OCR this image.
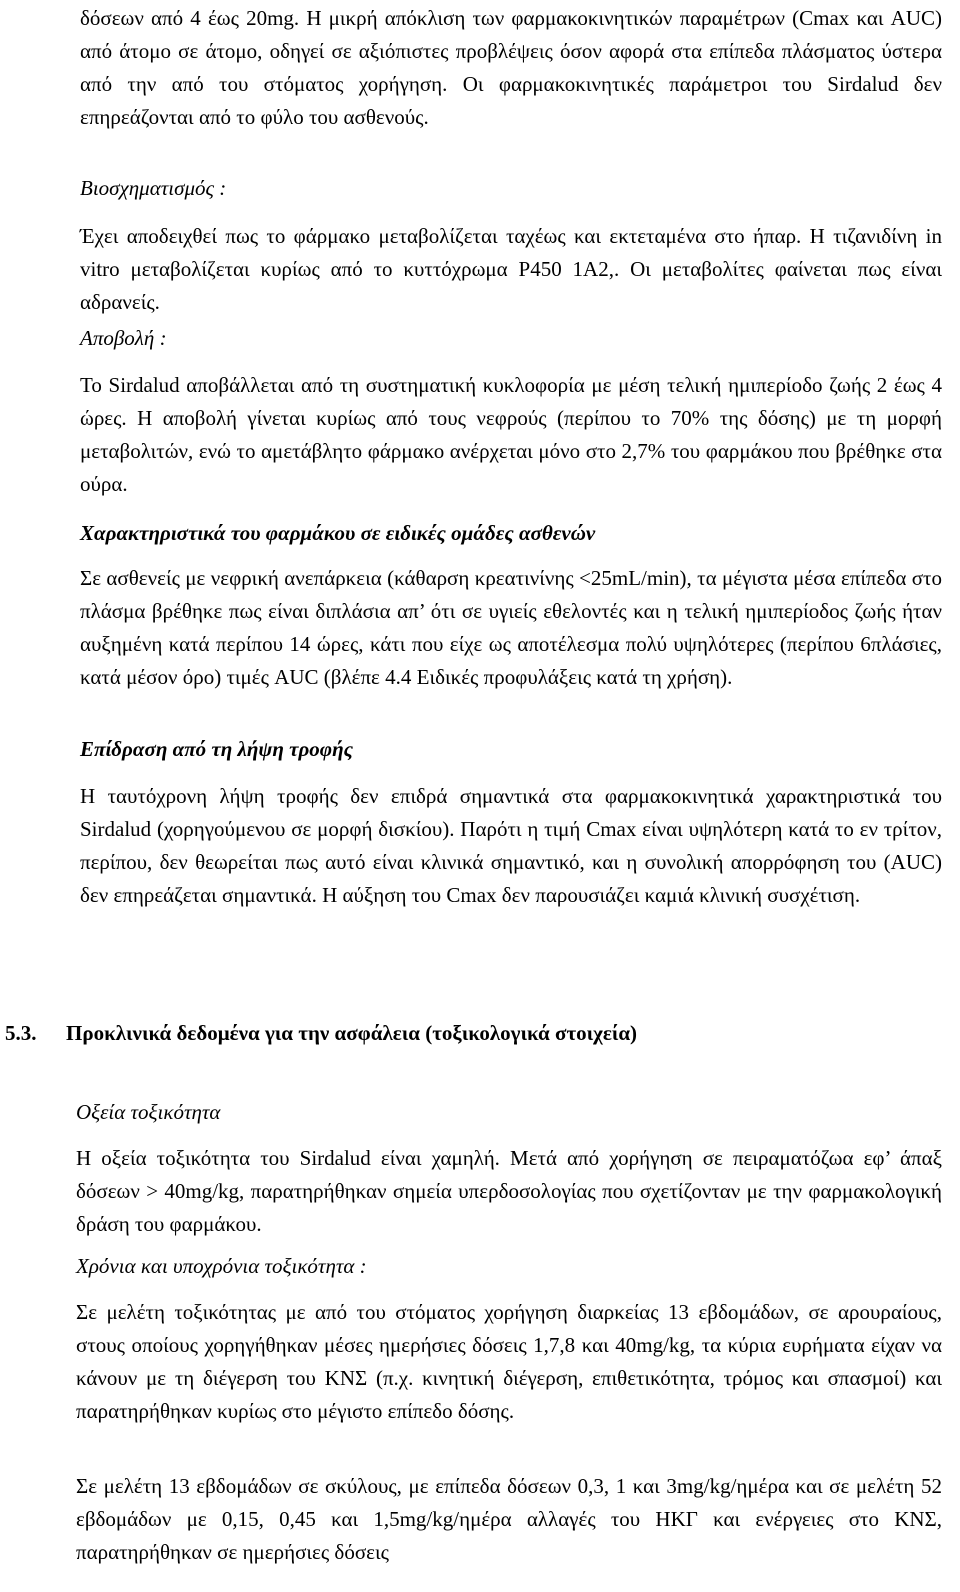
δόσεων από 4 έως 20mg. Η μικρή απόκλιση των φαρμακοκινητικών παραμέτρων (Cmax και AUC) από άτομο σε άτομο, οδηγεί σε αξιόπιστες προβλέψεις όσον αφορά στα επίπεδα πλάσματος ύστερα από την από του στόματος χορήγηση. Οι φαρμακοκινητικές παράμετροι του Sirdalud δεν επηρεάζονται από το φύλο του ασθενούς.

Βιοσχηματισμός :

Έχει αποδειχθεί πως το φάρμακο μεταβολίζεται ταχέως και εκτεταμένα στο ήπαρ. Η τιζανιδίνη in vitro μεταβολίζεται κυρίως από το κυττόχρωμα P450 1A2,. Οι μεταβολίτες φαίνεται πως είναι αδρανείς.

Αποβολή :

Το Sirdalud αποβάλλεται από τη συστηματική κυκλοφορία με μέση τελική ημιπερίοδο ζωής 2 έως 4 ώρες. Η αποβολή γίνεται κυρίως από τους νεφρούς (περίπου το 70% της δόσης) με τη μορφή μεταβολιτών, ενώ το αμετάβλητο φάρμακο ανέρχεται μόνο στο 2,7% του φαρμάκου που βρέθηκε στα ούρα.

Χαρακτηριστικά του φαρμάκου σε ειδικές ομάδες ασθενών

Σε ασθενείς με νεφρική ανεπάρκεια (κάθαρση κρεατινίνης <25mL/min), τα μέγιστα μέσα επίπεδα στο πλάσμα βρέθηκε πως είναι διπλάσια απ’ ότι σε υγιείς εθελοντές και η τελική ημιπερίοδος ζωής ήταν αυξημένη κατά περίπου 14 ώρες, κάτι που είχε ως αποτέλεσμα πολύ υψηλότερες (περίπου 6πλάσιες, κατά μέσον όρο) τιμές AUC (βλέπε 4.4 Ειδικές προφυλάξεις κατά τη χρήση).

Επίδραση από τη λήψη τροφής

Η ταυτόχρονη λήψη τροφής δεν επιδρά σημαντικά στα φαρμακοκινητικά χαρακτηριστικά του Sirdalud (χορηγούμενου σε μορφή δισκίου). Παρότι η τιμή Cmax είναι υψηλότερη κατά το εν τρίτον, περίπου, δεν θεωρείται πως αυτό είναι κλινικά σημαντικό, και η συνολική απορρόφηση του (AUC) δεν επηρεάζεται σημαντικά. Η αύξηση του Cmax δεν παρουσιάζει καμιά κλινική συσχέτιση.

5.3. Προκλινικά δεδομένα για την ασφάλεια (τοξικολογικά στοιχεία)

Οξεία τοξικότητα

Η οξεία τοξικότητα του Sirdalud είναι χαμηλή. Μετά από χορήγηση σε πειραματόζωα εφ’ άπαξ δόσεων > 40mg/kg, παρατηρήθηκαν σημεία υπερδοσολογίας που σχετίζονταν με την φαρμακολογική δράση του φαρμάκου.

Χρόνια και υποχρόνια τοξικότητα :

Σε μελέτη τοξικότητας με από του στόματος χορήγηση διαρκείας 13 εβδομάδων, σε αρουραίους, στους οποίους χορηγήθηκαν μέσες ημερήσιες δόσεις 1,7,8 και 40mg/kg, τα κύρια ευρήματα είχαν να κάνουν με τη διέγερση του ΚΝΣ (π.χ. κινητική διέγερση, επιθετικότητα, τρόμος και σπασμοί) και παρατηρήθηκαν κυρίως στο μέγιστο επίπεδο δόσης.

Σε μελέτη 13 εβδομάδων σε σκύλους, με επίπεδα δόσεων 0,3, 1 και 3mg/kg/ημέρα και σε μελέτη 52 εβδομάδων με 0,15, 0,45 και 1,5mg/kg/ημέρα αλλαγές του ΗΚΓ και ενέργειες στο ΚΝΣ, παρατηρήθηκαν σε ημερήσιες δόσεις
